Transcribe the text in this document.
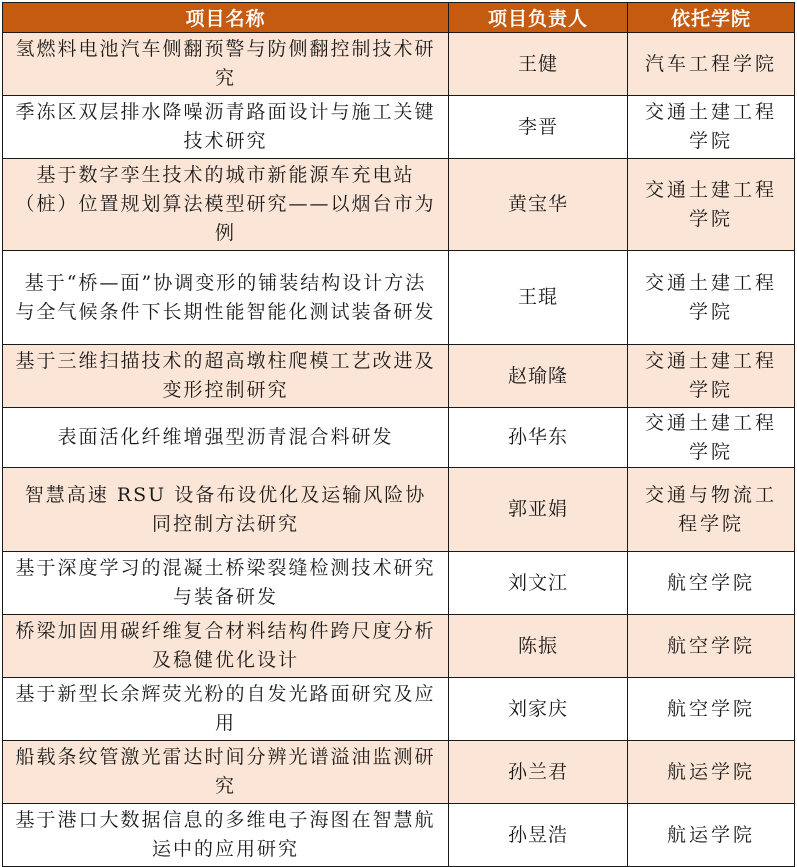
项目名称	项目负责人	依托学院
氢燃料电池汽车侧翻预警与防侧翻控制技术研究	王健	汽车工程学院
季冻区双层排水降噪沥青路面设计与施工关键技术研究	李晋	交通土建工程学院
基于数字孪生技术的城市新能源车充电站（桩）位置规划算法模型研究——以烟台市为例	黄宝华	交通土建工程学院
基于“桥—面”协调变形的铺装结构设计方法与全气候条件下长期性能智能化测试装备研发	王琨	交通土建工程学院
基于三维扫描技术的超高墩柱爬模工艺改进及变形控制研究	赵瑜隆	交通土建工程学院
表面活化纤维增强型沥青混合料研发	孙华东	交通土建工程学院
智慧高速 RSU 设备布设优化及运输风险协同控制方法研究	郭亚娟	交通与物流工程学院
基于深度学习的混凝土桥梁裂缝检测技术研究与装备研发	刘文江	航空学院
桥梁加固用碳纤维复合材料结构件跨尺度分析及稳健优化设计	陈振	航空学院
基于新型长余辉荧光粉的自发光路面研究及应用	刘家庆	航空学院
船载条纹管激光雷达时间分辨光谱溢油监测研究	孙兰君	航运学院
基于港口大数据信息的多维电子海图在智慧航运中的应用研究	孙昱浩	航运学院
